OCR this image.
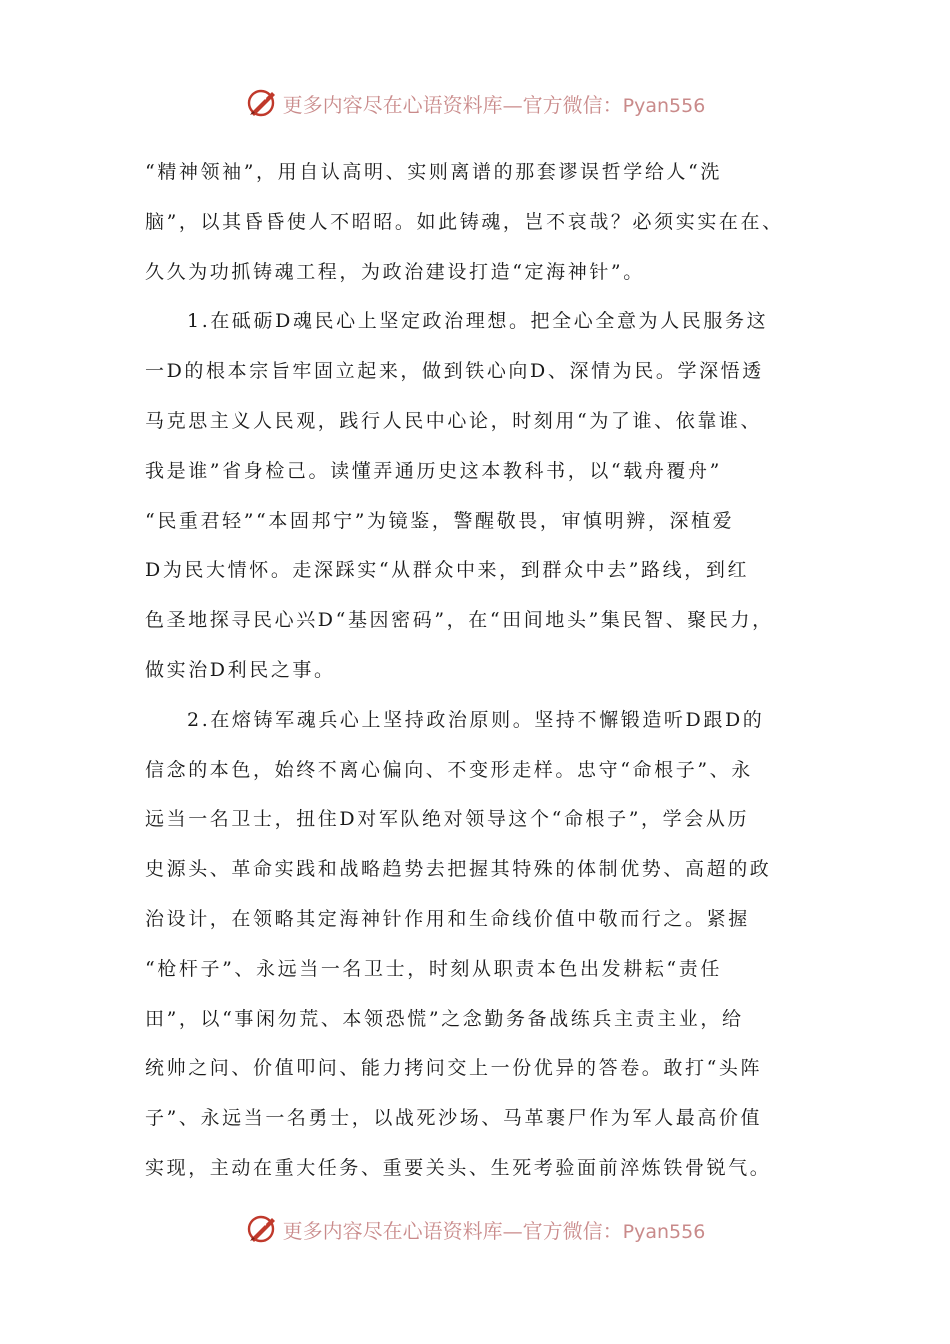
更多内容尽在心语资料库—官方微信：Pyan556
“精神领袖”，用自认高明、实则离谱的那套谬误哲学给人“洗
脑”，以其昏昏使人不昭昭。如此铸魂，岂不哀哉？必须实实在在、
久久为功抓铸魂工程，为政治建设打造“定海神针”。
1.在砥砺D魂民心上坚定政治理想。把全心全意为人民服务这
一D的根本宗旨牢固立起来，做到铁心向D、深情为民。学深悟透
马克思主义人民观，践行人民中心论，时刻用“为了谁、依靠谁、
我是谁”省身检己。读懂弄通历史这本教科书，以“载舟覆舟”
“民重君轻”“本固邦宁”为镜鉴，警醒敬畏，审慎明辨，深植爱
D为民大情怀。走深踩实“从群众中来，到群众中去”路线，到红
色圣地探寻民心兴D“基因密码”，在“田间地头”集民智、聚民力，
做实治D利民之事。
2.在熔铸军魂兵心上坚持政治原则。坚持不懈锻造听D跟D的
信念的本色，始终不离心偏向、不变形走样。忠守“命根子”、永
远当一名卫士，扭住D对军队绝对领导这个“命根子”，学会从历
史源头、革命实践和战略趋势去把握其特殊的体制优势、高超的政
治设计，在领略其定海神针作用和生命线价值中敬而行之。紧握
“枪杆子”、永远当一名卫士，时刻从职责本色出发耕耘“责任
田”，以“事闲勿荒、本领恐慌”之念勤务备战练兵主责主业，给
统帅之问、价值叩问、能力拷问交上一份优异的答卷。敢打“头阵
子”、永远当一名勇士，以战死沙场、马革裹尸作为军人最高价值
实现，主动在重大任务、重要关头、生死考验面前淬炼铁骨锐气。
更多内容尽在心语资料库—官方微信：Pyan556
